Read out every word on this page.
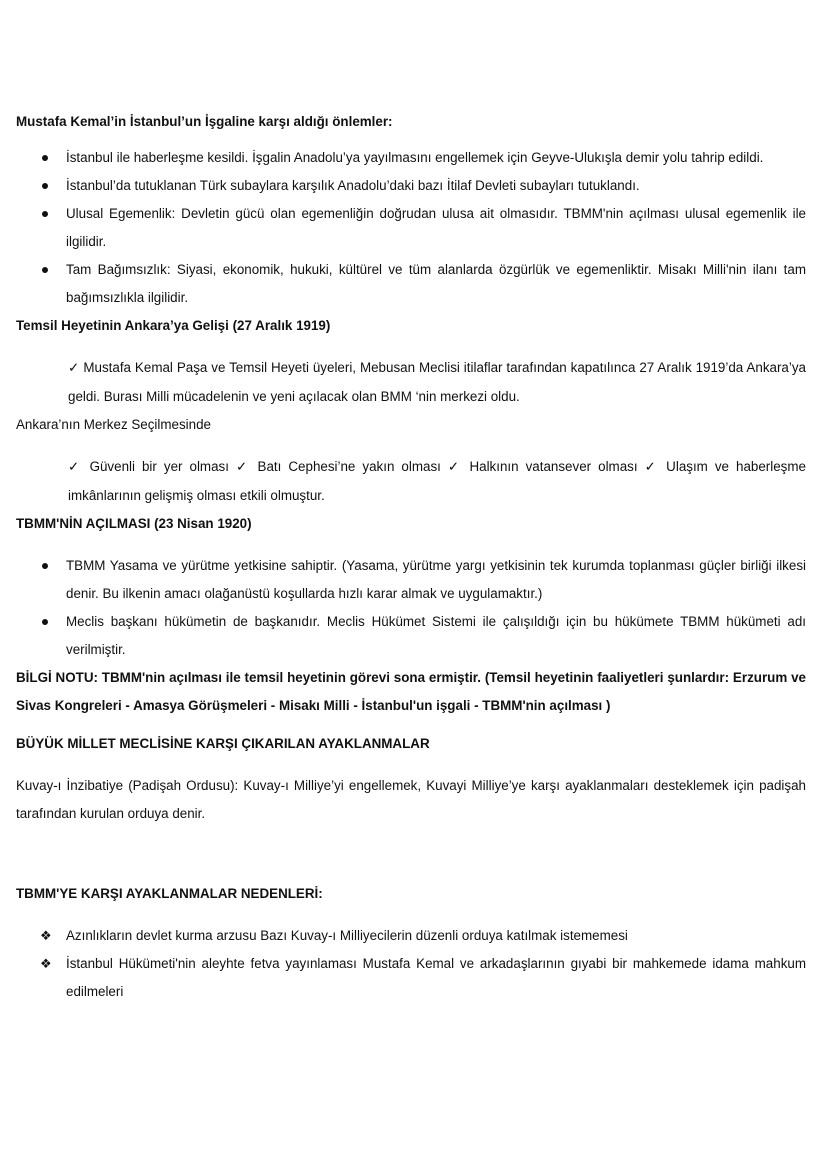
Mustafa Kemal’in İstanbul’un İşgaline karşı aldığı önlemler:
İstanbul ile haberleşme kesildi. İşgalin Anadolu’ya yayılmasını engellemek için Geyve-Ulukışla demir yolu tahrip edildi.
İstanbul’da tutuklanan Türk subaylara karşılık Anadolu’daki bazı İtilaf Devleti subayları tutuklandı.
Ulusal Egemenlik: Devletin gücü olan egemenliğin doğrudan ulusa ait olmasıdır. TBMM'nin açılması ulusal egemenlik ile ilgilidir.
Tam Bağımsızlık: Siyasi, ekonomik, hukuki, kültürel ve tüm alanlarda özgürlük ve egemenliktir. Misakı Milli'nin ilanı tam bağımsızlıkla ilgilidir.
Temsil Heyetinin Ankara’ya Gelişi (27 Aralık 1919)
✓ Mustafa Kemal Paşa ve Temsil Heyeti üyeleri, Mebusan Meclisi itilaflar tarafından kapatılınca 27 Aralık 1919’da Ankara’ya geldi. Burası Milli mücadelenin ve yeni açılacak olan BMM ‘nin merkezi oldu.
Ankara’nın Merkez Seçilmesinde
✓ Güvenli bir yer olması ✓ Batı Cephesi’ne yakın olması ✓ Halkının vatansever olması ✓ Ulaşım ve haberleşme imkânlarının gelişmiş olması etkili olmuştur.
TBMM'NİN AÇILMASI (23 Nisan 1920)
TBMM Yasama ve yürütme yetkisine sahiptir. (Yasama, yürütme yargı yetkisinin tek kurumda toplanması güçler birliği ilkesi denir. Bu ilkenin amacı olağanüstü koşullarda hızlı karar almak ve uygulamaktır.)
Meclis başkanı hükümetin de başkanıdır. Meclis Hükümet Sistemi ile çalışıldığı için bu hükümete TBMM hükümeti adı verilmiştir.
BİLGİ NOTU: TBMM'nin açılması ile temsil heyetinin görevi sona ermiştir. (Temsil heyetinin faaliyetleri şunlardır: Erzurum ve Sivas Kongreleri - Amasya Görüşmeleri - Misakı Milli - İstanbul'un işgali - TBMM'nin açılması )
BÜYÜK MİLLET MECLİSİNE KARŞI ÇIKARILAN AYAKLANMALAR
Kuvay-ı İnzibatiye (Padişah Ordusu): Kuvay-ı Milliye’yi engellemek, Kuvayi Milliye’ye karşı ayaklanmaları desteklemek için padişah tarafından kurulan orduya denir.
TBMM'YE KARŞI AYAKLANMALAR NEDENLERİ:
❖ Azınlıkların devlet kurma arzusu Bazı Kuvay-ı Milliyecilerin düzenli orduya katılmak istememesi
❖ İstanbul Hükümeti'nin aleyhte fetva yayınlaması Mustafa Kemal ve arkadaşlarının gıyabi bir mahkemede idama mahkum edilmeleri
